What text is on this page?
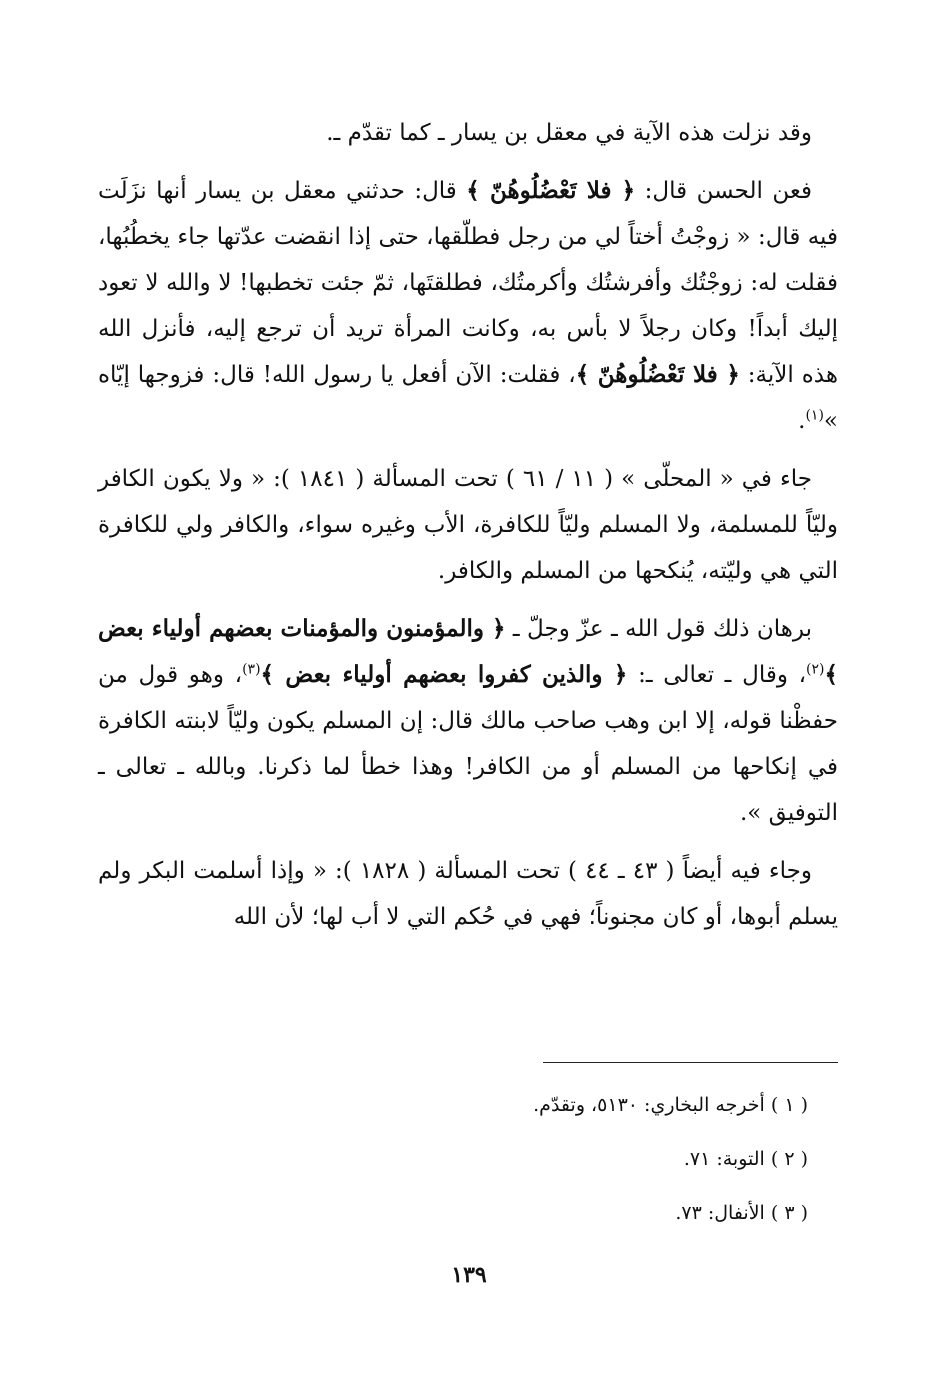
وقد نزلت هذه الآية في معقل بن يسار ـ كما تقدّم ـ.

فعن الحسن قال: ﴿ فلا تَعْضُلُوهُنّ ﴾ قال: حدثني معقل بن يسار أنها نزَلَت فيه قال: « زوجْتُ أختاً لي من رجل فطلّقها، حتى إذا انقضت عدّتها جاء يخطُبُها، فقلت له: زوجْتُك وأفرشتُك وأكرمتُك، فطلقتَها، ثمّ جئت تخطبها! لا والله لا تعود إليك أبداً! وكان رجلاً لا بأس به، وكانت المرأة تريد أن ترجع إليه، فأنزل الله هذه الآية: ﴿ فلا تَعْضُلُوهُنّ ﴾، فقلت: الآن أفعل يا رسول الله! قال: فزوجها إيّاه »$^{(١)}$.

جاء في « المحلّى » ( ١١ / ٦١ ) تحت المسألة ( ١٨٤١ ): « ولا يكون الكافر وليّاً للمسلمة، ولا المسلم وليّاً للكافرة، الأب وغيره سواء، والكافر ولي للكافرة التي هي وليّته، يُنكحها من المسلم والكافر.

برهان ذلك قول الله ـ عزّ وجلّ ـ ﴿ والمؤمنون والمؤمنات بعضهم أولياء بعض ﴾$^{(٢)}$، وقال ـ تعالى ـ: ﴿ والذين كفروا بعضهم أولياء بعض ﴾$^{(٣)}$، وهو قول من حفظْنا قوله، إلا ابن وهب صاحب مالك قال: إن المسلم يكون وليّاً لابنته الكافرة في إنكاحها من المسلم أو من الكافر! وهذا خطأ لما ذكرنا. وبالله ـ تعالى ـ التوفيق ».

وجاء فيه أيضاً ( ٤٣ ـ ٤٤ ) تحت المسألة ( ١٨٢٨ ): « وإذا أسلمت البكر ولم يسلم أبوها، أو كان مجنوناً؛ فهي في حُكم التي لا أب لها؛ لأن الله

( ١ ) أخرجه البخاري: ٥١٣٠، وتقدّم.

( ٢ ) التوبة: ٧١.

( ٣ ) الأنفال: ٧٣.

١٣٩
